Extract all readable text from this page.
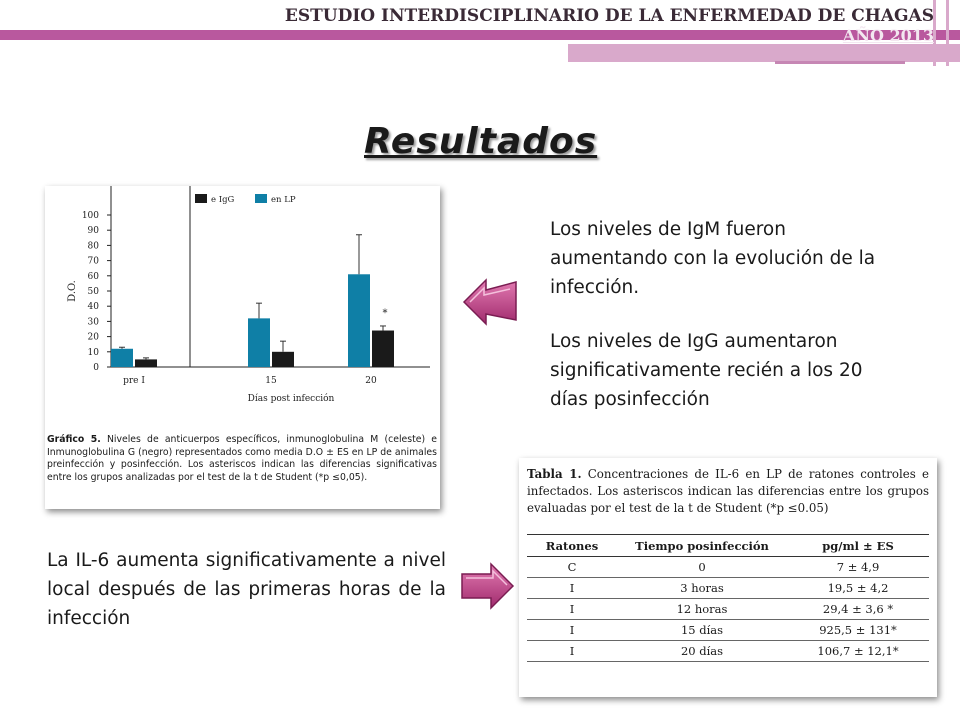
ESTUDIO INTERDISCIPLINARIO DE LA ENFERMEDAD DE CHAGAS
AÑO 2013
Resultados
100
90
80
70
60
50
40
30
20
10
0
D.O.
e IgG	en LP
pre I	15	20
*
Días post infección
Gráfico 5. Niveles de anticuerpos específicos, inmunoglobulina M (celeste) e Inmunoglobulina G (negro) representados como media D.O ± ES en LP de animales preinfección y posinfección. Los asteriscos indican las diferencias significativas entre los grupos analizadas por el test de la t de Student (*p ≤0,05).

Los niveles de IgM fueron aumentando con la evolución de la infección.

Los niveles de IgG aumentaron significativamente recién a los 20 días posinfección

La IL-6 aumenta significativamente a nivel local después de las primeras horas de la infección
Tabla 1. Concentraciones de IL-6 en LP de ratones controles e infectados. Los asteriscos indican las diferencias entre los grupos evaluadas por el test de la t de Student (*p ≤0.05)
Ratones	Tiempo posinfección	pg/ml ± ES
C	0	7 ± 4,9
I	3 horas	19,5 ± 4,2
I	12 horas	29,4 ± 3,6 *
I	15 días	925,5 ± 131*
I	20 días	106,7 ± 12,1*
